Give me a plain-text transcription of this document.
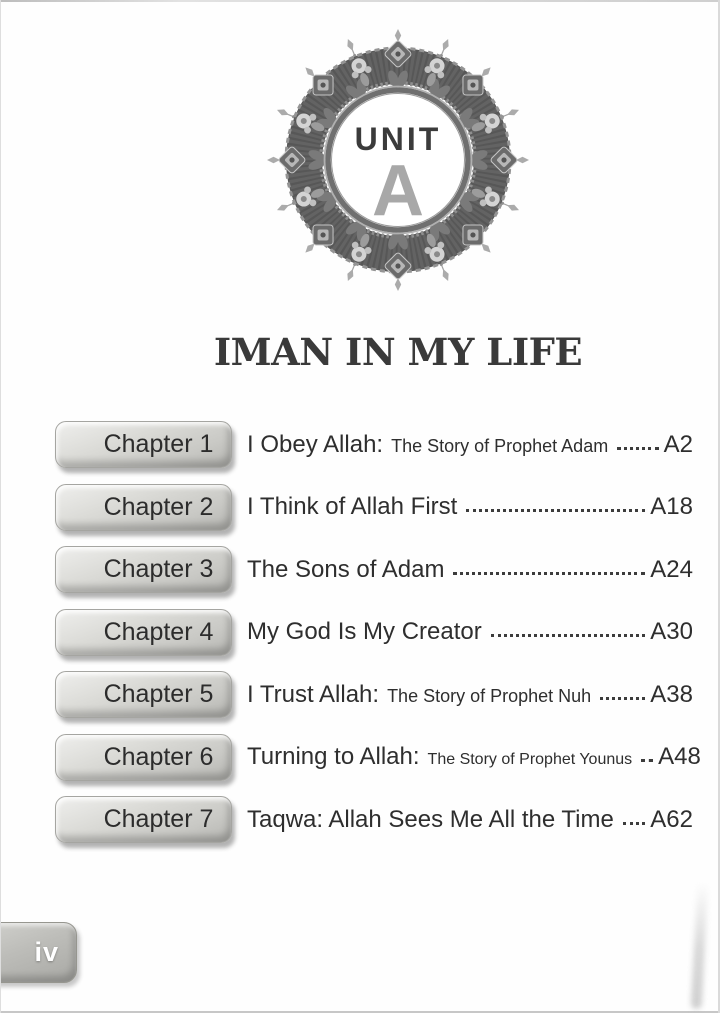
UNIT
A
IMAN IN MY LIFE
Chapter 1 I Obey Allah: The Story of Prophet Adam A2
Chapter 2 I Think of Allah First	A18
Chapter 3 The Sons of Adam	A24
Chapter 4 My God Is My Creator	A30
Chapter 5 I Trust Allah: The Story of Prophet Nuh A38
Chapter 6 Turning to Allah: The Story of Prophet Younus A48
Chapter 7 Taqwa: Allah Sees Me All the Time A62
iv
